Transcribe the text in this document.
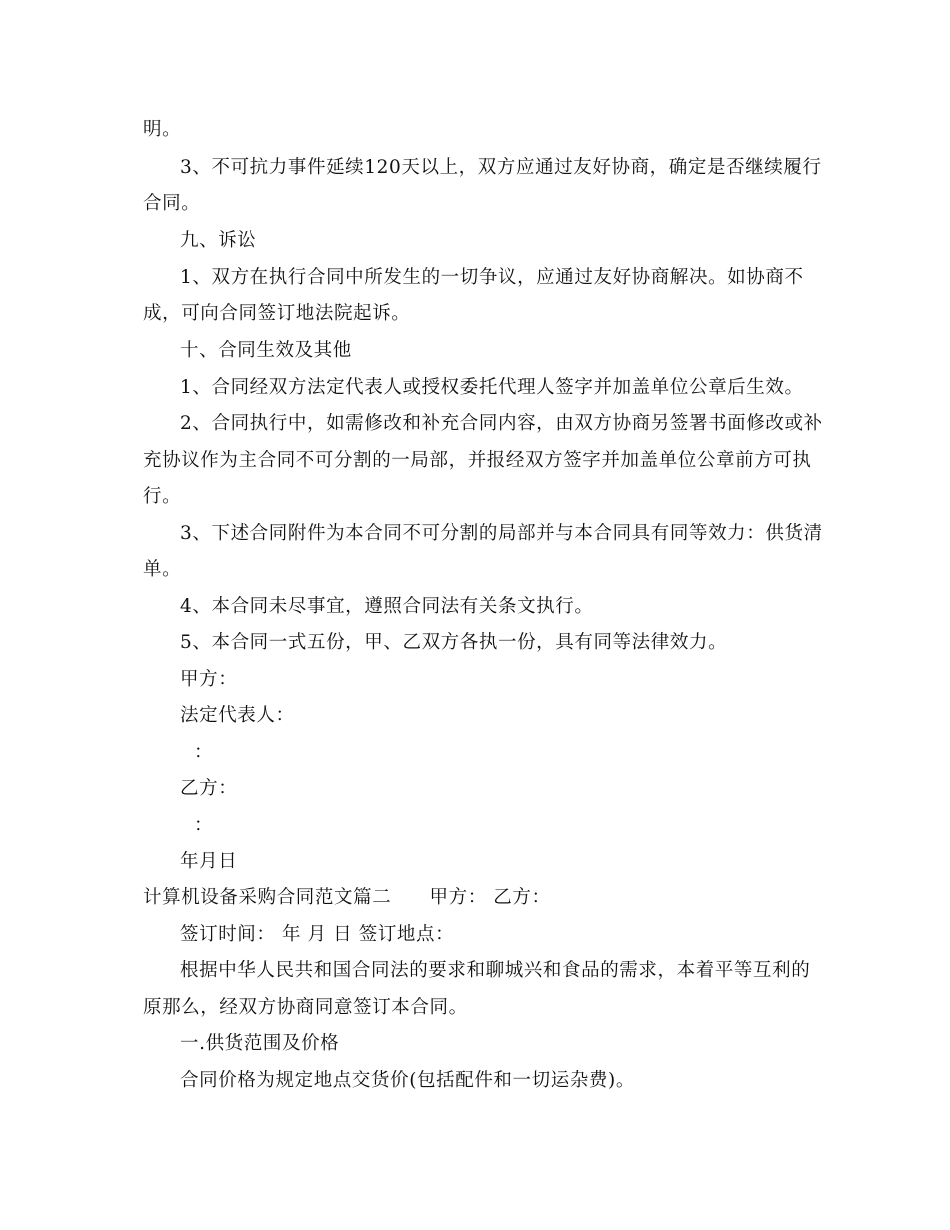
明。
3、不可抗力事件延续120天以上，双方应通过友好协商，确定是否继续履行
合同。
九、诉讼
1、双方在执行合同中所发生的一切争议，应通过友好协商解决。如协商不
成，可向合同签订地法院起诉。
十、合同生效及其他
1、合同经双方法定代表人或授权委托代理人签字并加盖单位公章后生效。
2、合同执行中，如需修改和补充合同内容，由双方协商另签署书面修改或补
充协议作为主合同不可分割的一局部，并报经双方签字并加盖单位公章前方可执
行。
3、下述合同附件为本合同不可分割的局部并与本合同具有同等效力：供货清
单。
4、本合同未尽事宜，遵照合同法有关条文执行。
5、本合同一式五份，甲、乙双方各执一份，具有同等法律效力。
甲方：
法定代表人：
：
乙方：
：
年月日
计算机设备采购合同范文篇二　　甲方： 乙方：
签订时间： 年 月 日 签订地点：
根据中华人民共和国合同法的要求和聊城兴和食品的需求，本着平等互利的
原那么，经双方协商同意签订本合同。
一.供货范围及价格
合同价格为规定地点交货价(包括配件和一切运杂费)。
